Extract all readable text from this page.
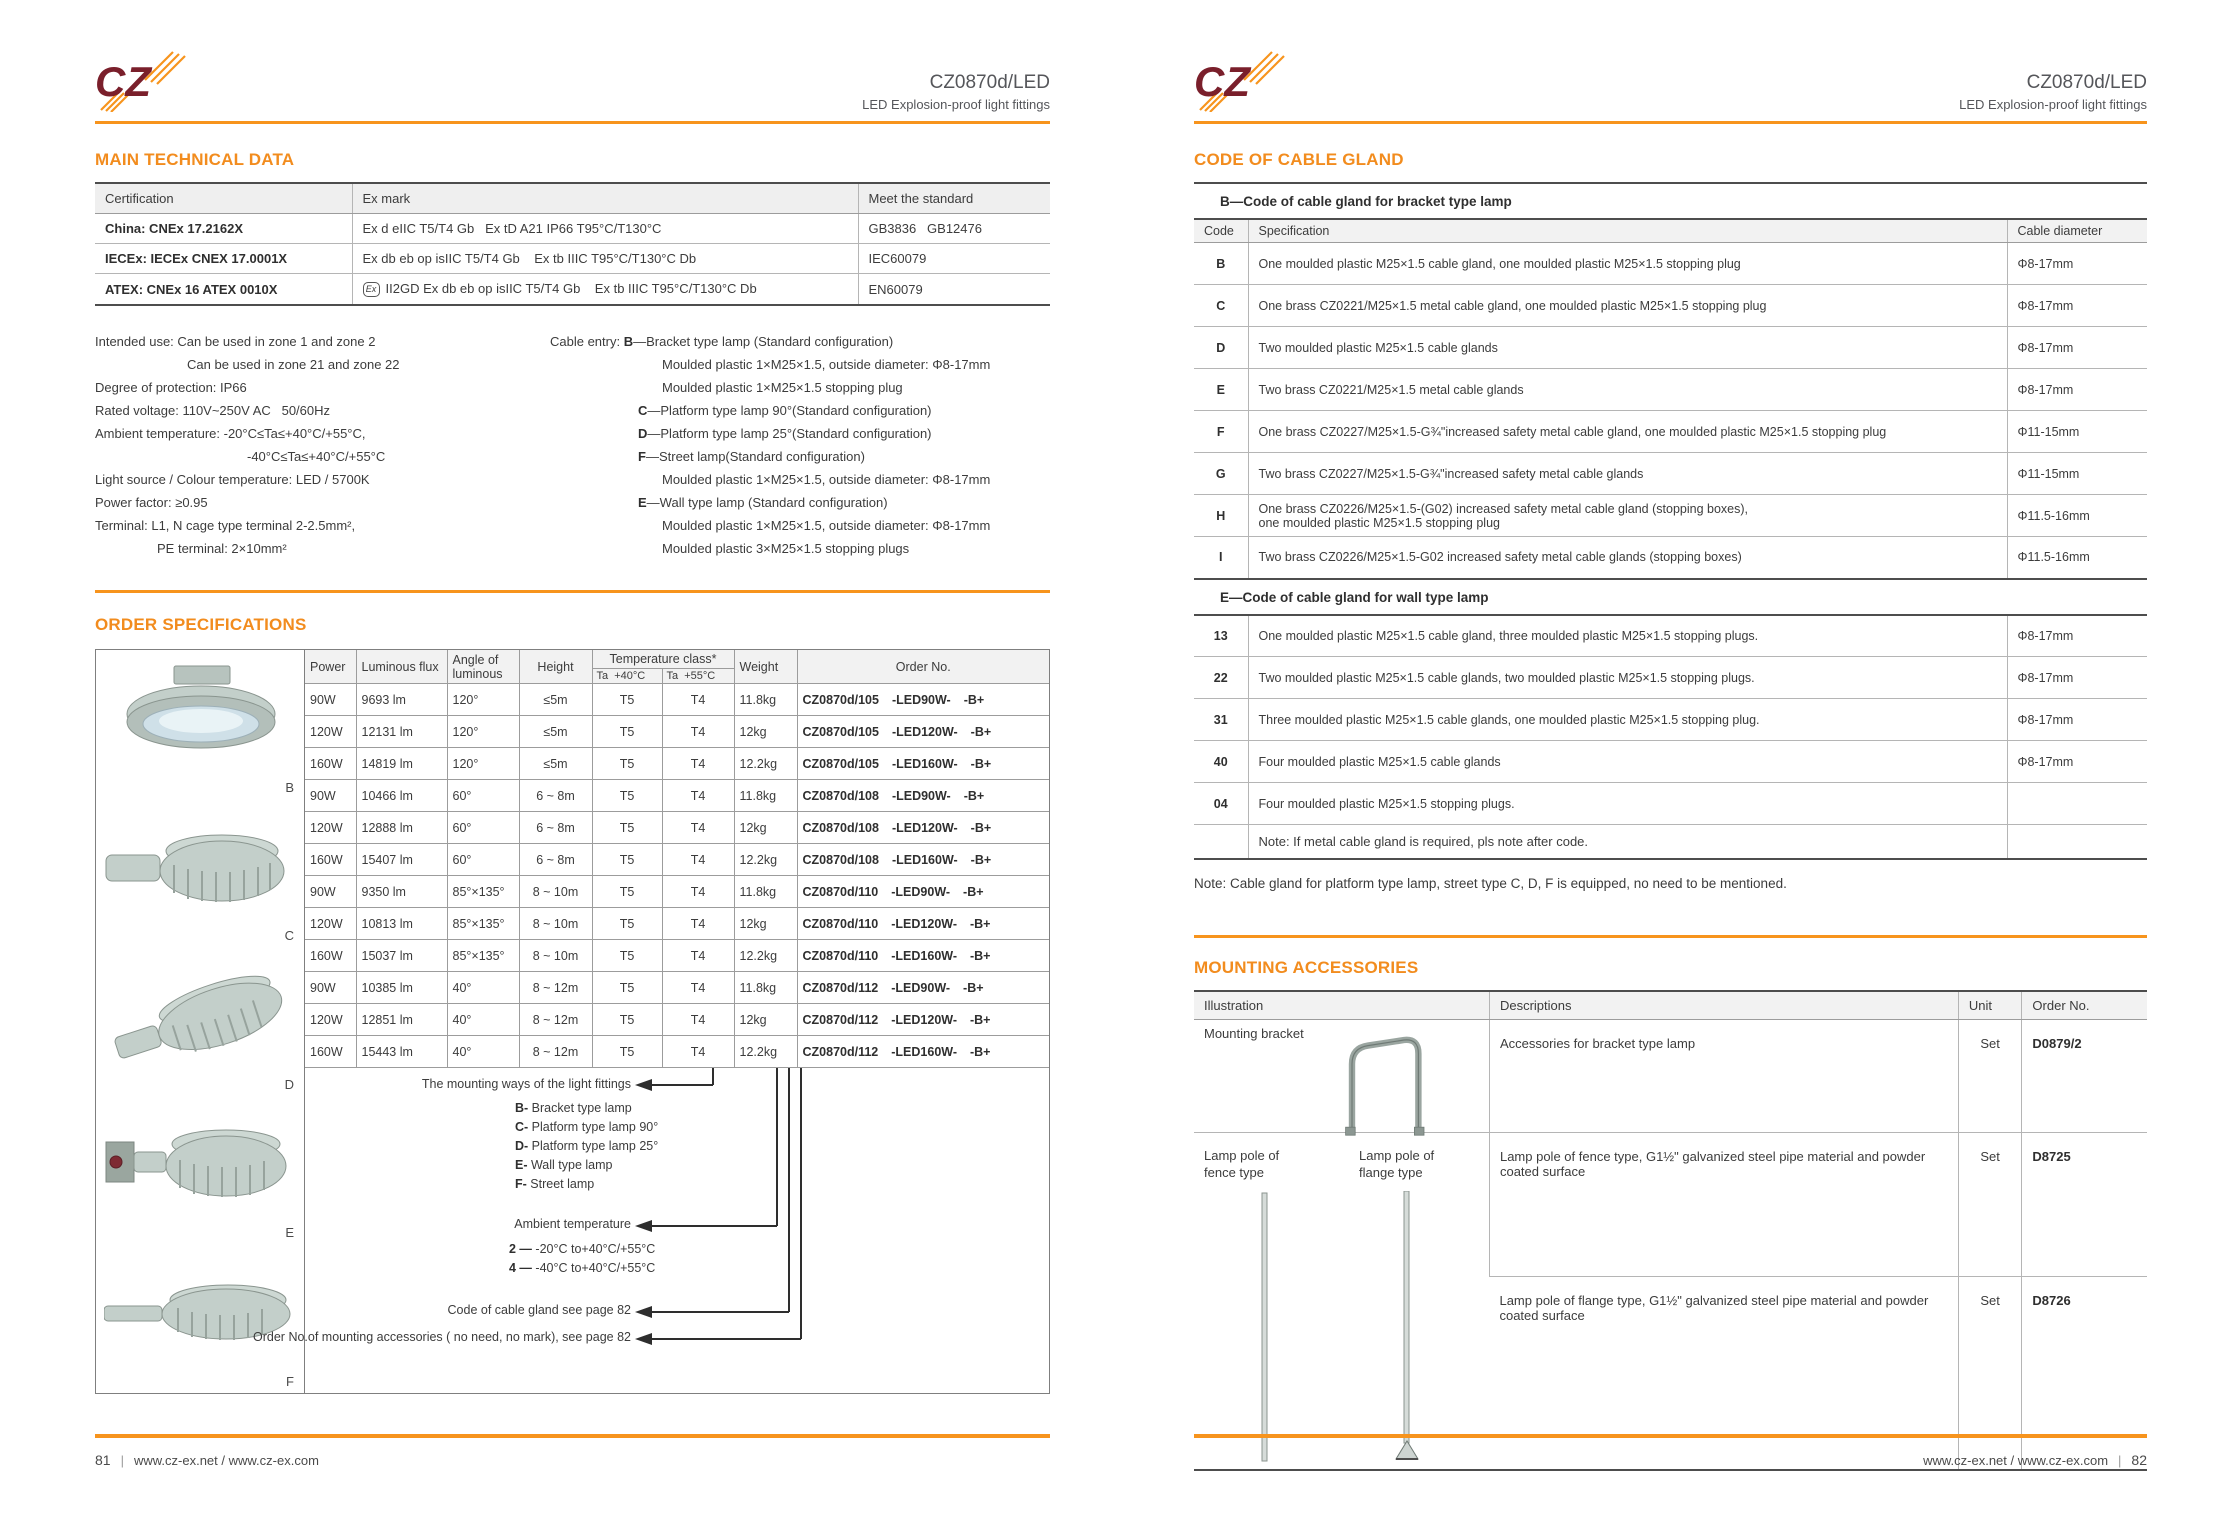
CZ	CZ0870d/LED
LED Explosion-proof light fittings
MAIN TECHNICAL DATA
Certification	Ex mark	Meet the standard
China: CNEx 17.2162X	Ex d eIIC T5/T4 Gb   Ex tD A21 IP66 T95°C/T130°C	GB3836   GB12476
IECEx: IECEx CNEX 17.0001X	Ex db eb op isIIC T5/T4 Gb    Ex tb IIIC T95°C/T130°C Db	IEC60079
ATEX: CNEx 16 ATEX 0010X	Ex II2GD Ex db eb op isIIC T5/T4 Gb    Ex tb IIIC T95°C/T130°C Db	EN60079
Intended use: Can be used in zone 1 and zone 2
Can be used in zone 21 and zone 22
Degree of protection: IP66
Rated voltage: 110V~250V AC   50/60Hz
Ambient temperature: -20°C≤Ta≤+40°C/+55°C,
-40°C≤Ta≤+40°C/+55°C
Light source / Colour temperature: LED / 5700K
Power factor: ≥0.95
Terminal: L1, N cage type terminal 2-2.5mm²,
PE terminal: 2×10mm²
Cable entry: B—Bracket type lamp (Standard configuration)
Moulded plastic 1×M25×1.5, outside diameter: Φ8-17mm
Moulded plastic 1×M25×1.5 stopping plug
C—Platform type lamp 90°(Standard configuration)
D—Platform type lamp 25°(Standard configuration)
F—Street lamp(Standard configuration)
Moulded plastic 1×M25×1.5, outside diameter: Φ8-17mm
E—Wall type lamp (Standard configuration)
Moulded plastic 1×M25×1.5, outside diameter: Φ8-17mm
Moulded plastic 3×M25×1.5 stopping plugs
ORDER SPECIFICATIONS
B
C
D
E
F
Power	Luminous flux	Angle of luminous	Height	Temperature class*		Weight	Order No.
				Ta  +40°C	Ta  +55°C		
90W	9693 lm	120°	≤5m	T5	T4	11.8kg	CZ0870d/105 -LED90W- -B+
120W	12131 lm	120°	≤5m	T5	T4	12kg	CZ0870d/105 -LED120W- -B+
160W	14819 lm	120°	≤5m	T5	T4	12.2kg	CZ0870d/105 -LED160W- -B+
90W	10466 lm	60°	6 ~ 8m	T5	T4	11.8kg	CZ0870d/108 -LED90W- -B+
120W	12888 lm	60°	6 ~ 8m	T5	T4	12kg	CZ0870d/108 -LED120W- -B+
160W	15407 lm	60°	6 ~ 8m	T5	T4	12.2kg	CZ0870d/108 -LED160W- -B+
90W	9350 lm	85°×135°	8 ~ 10m	T5	T4	11.8kg	CZ0870d/110 -LED90W- -B+
120W	10813 lm	85°×135°	8 ~ 10m	T5	T4	12kg	CZ0870d/110 -LED120W- -B+
160W	15037 lm	85°×135°	8 ~ 10m	T5	T4	12.2kg	CZ0870d/110 -LED160W- -B+
90W	10385 lm	40°	8 ~ 12m	T5	T4	11.8kg	CZ0870d/112 -LED90W- -B+
120W	12851 lm	40°	8 ~ 12m	T5	T4	12kg	CZ0870d/112 -LED120W- -B+
160W	15443 lm	40°	8 ~ 12m	T5	T4	12.2kg	CZ0870d/112 -LED160W- -B+
The mounting ways of the light fittings
B- Bracket type lamp
C- Platform type lamp 90°
D- Platform type lamp 25°
E- Wall type lamp
F- Street lamp
Ambient temperature
2 — -20°C to+40°C/+55°C
4 — -40°C to+40°C/+55°C
Code of cable gland see page 82
Order No.of mounting accessories ( no need, no mark), see page 82
81 | www.cz-ex.net / www.cz-ex.com
CZ	CZ0870d/LED
LED Explosion-proof light fittings
CODE OF CABLE GLAND
B—Code of cable gland for bracket type lamp
Code	Specification	Cable diameter
B	One moulded plastic M25×1.5 cable gland, one moulded plastic M25×1.5 stopping plug	Φ8-17mm
C	One brass CZ0221/M25×1.5 metal cable gland, one moulded plastic M25×1.5 stopping plug	Φ8-17mm
D	Two moulded plastic M25×1.5 cable glands	Φ8-17mm
E	Two brass CZ0221/M25×1.5 metal cable glands	Φ8-17mm
F	One brass CZ0227/M25×1.5-G¾"increased safety metal cable gland, one moulded plastic M25×1.5 stopping plug	Φ11-15mm
G	Two brass CZ0227/M25×1.5-G¾"increased safety metal cable glands	Φ11-15mm
H	One brass CZ0226/M25×1.5-(G02) increased safety metal cable gland (stopping boxes),
one moulded plastic M25×1.5 stopping plug	Φ11.5-16mm
I	Two brass CZ0226/M25×1.5-G02 increased safety metal cable glands (stopping boxes)	Φ11.5-16mm
E—Code of cable gland for wall type lamp
13	One moulded plastic M25×1.5 cable gland, three moulded plastic M25×1.5 stopping plugs.	Φ8-17mm
22	Two moulded plastic M25×1.5 cable glands, two moulded plastic M25×1.5 stopping plugs.	Φ8-17mm
31	Three moulded plastic M25×1.5 cable glands, one moulded plastic M25×1.5 stopping plug.	Φ8-17mm
40	Four moulded plastic M25×1.5 cable glands	Φ8-17mm
04	Four moulded plastic M25×1.5 stopping plugs.	

	Note: If metal cable gland is required, pls note after code.	
Note: Cable gland for platform type lamp, street type C, D, F is equipped, no need to be mentioned.
MOUNTING ACCESSORIES
Illustration	Descriptions	Unit	Order No.

Mounting bracket	Accessories for bracket type lamp	Set	D0879/2

Lamp pole of fence type
Lamp pole of flange type	Lamp pole of fence type, G1½" galvanized steel pipe material and powder coated surface	Set	D8725
	Lamp pole of flange type, G1½" galvanized steel pipe material and powder coated surface	Set	D8726
www.cz-ex.net / www.cz-ex.com | 82
